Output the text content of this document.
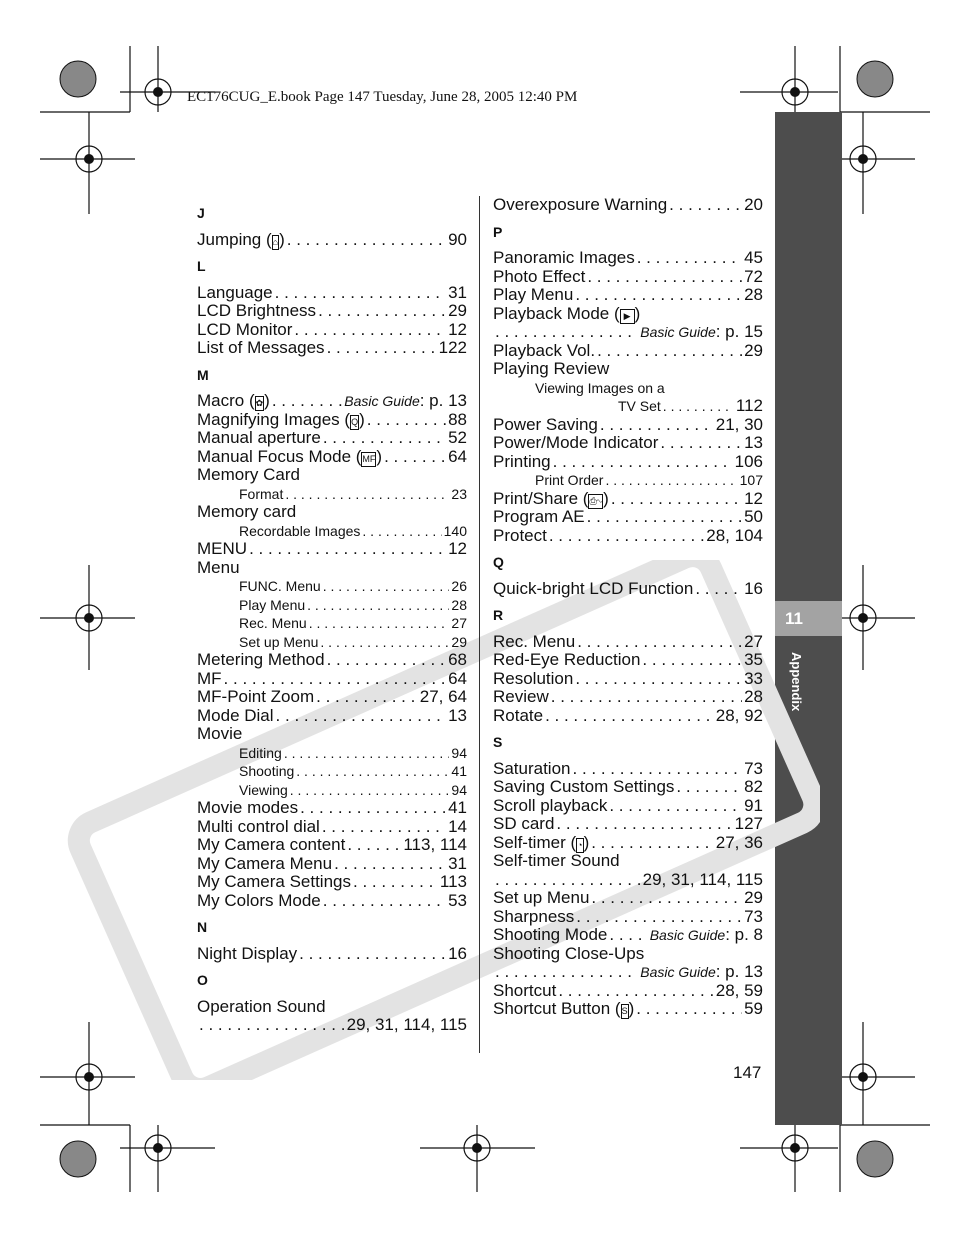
EC176CUG_E.book Page 147 Tuesday, June 28, 2005 12:40 PM
11
Appendix
J
Jumping ( ⌂ ) . . .	90
L
Language . . .	31
LCD Brightness . . .	29
LCD Monitor . . .	12
List of Messages . . .	122
M
Macro ( ✿ ) . . .	Basic Guide : p. 13
Magnifying Images ( Q ) . . .	88
Manual aperture . . .	52
Manual Focus Mode ( MF ) . . .	64
Memory Card
Format . . .	23
Memory card
Recordable Images . . .	140
MENU . . .	12
Menu
FUNC. Menu . . .	26
Play Menu . . .	28
Rec. Menu . . .	27
Set up Menu . . .	29
Metering Method . . .	68
MF . . .	64
MF-Point Zoom . . .	27, 64
Mode Dial . . .	13
Movie
Editing . . .	94
Shooting . . .	41
Viewing . . .	94
Movie modes . . .	41
Multi control dial . . .	14
My Camera content . . .	113, 114
My Camera Menu . . .	31
My Camera Settings . . .	113
My Colors Mode . . .	53
N
Night Display . . .	16
O
Operation Sound
. . .
29, 31, 114, 115
Overexposure Warning . . .	20
P
Panoramic Images . . .	45
Photo Effect . . .	72
Play Menu . . .	28
Playback Mode ( ▶ )
. . .
Basic Guide : p. 15
Playback Vol. . . .	29
Playing Review
Viewing Images on a
TV Set . . .	112
Power Saving . . .	21, 30
Power/Mode Indicator . . .	13
Printing . . .	106
Print Order . . .	107
Print/Share ( ⎙∿ ) . . .	12
Program AE . . .	50
Protect . . .	28, 104
Q
Quick-bright LCD Function . . .	16
R
Rec. Menu . . .	27
Red-Eye Reduction . . .	35
Resolution . . .	33
Review . . .	28
Rotate . . .	28, 92
S
Saturation . . .	73
Saving Custom Settings . . .	82
Scroll playback . . .	91
SD card . . .	127
Self-timer ( ◔ ) . . .	27, 36
Self-timer Sound
. . .
29, 31, 114, 115
Set up Menu . . .	29
Sharpness . . .	73
Shooting Mode . . .	Basic Guide : p. 8
Shooting Close-Ups
. . .
Basic Guide : p. 13
Shortcut . . .	28, 59
Shortcut Button ( S ) . . .	59
147
